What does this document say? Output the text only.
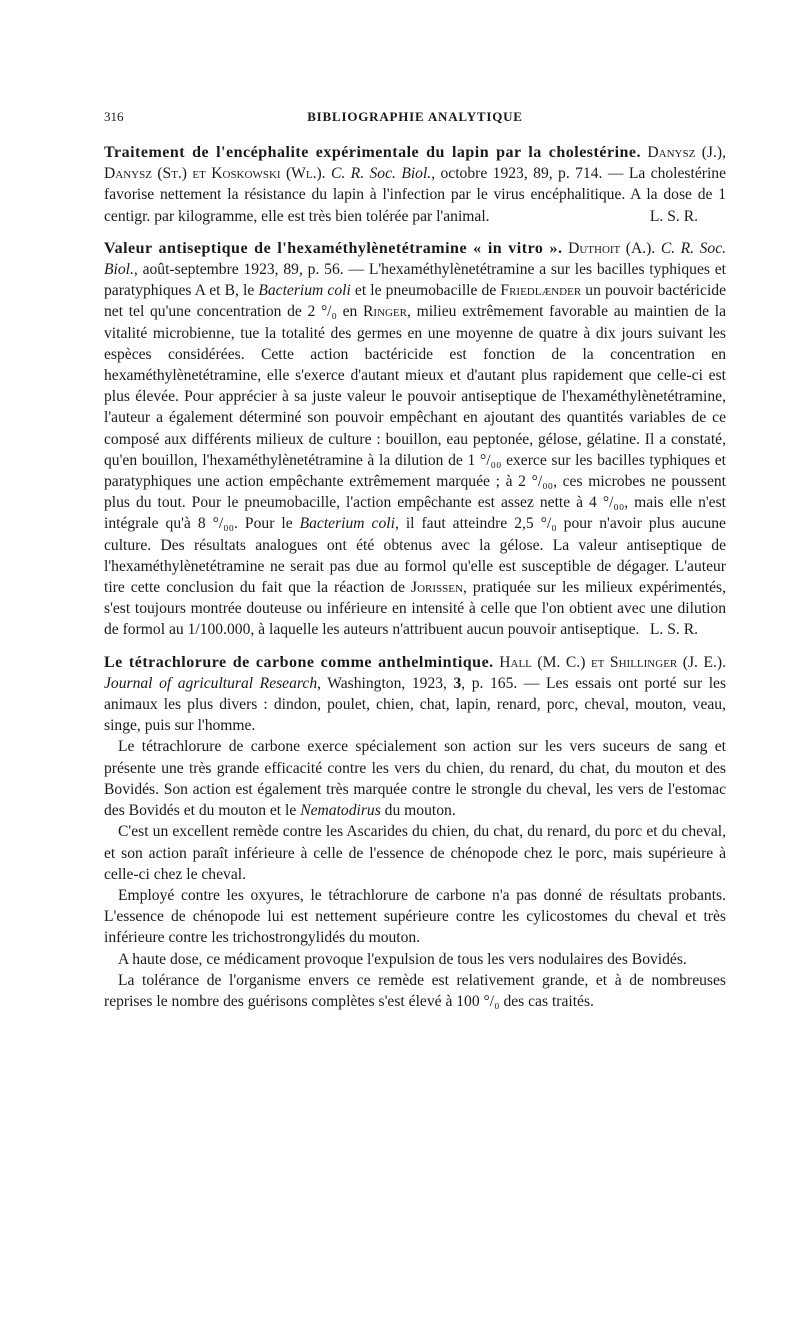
316	BIBLIOGRAPHIE ANALYTIQUE

Traitement de l'encéphalite expérimentale du lapin par la cholestérine. Danysz (J.), Danysz (St.) et Koskowski (Wl.). C. R. Soc. Biol., octobre 1923, 89, p. 714. — La cholestérine favorise nettement la résistance du lapin à l'infection par le virus encéphalitique. A la dose de 1 centigr. par kilogramme, elle est très bien tolérée par l'animal.	L. S. R.

Valeur antiseptique de l'hexaméthylènetétramine « in vitro ». Duthoit (A.). C. R. Soc. Biol., août-septembre 1923, 89, p. 56. — L'hexaméthylènetétramine a sur les bacilles typhiques et paratyphiques A et B, le Bacterium coli et le pneumobacille de Friedlænder un pouvoir bactéricide net tel qu'une concentration de 2 °/₀ en Ringer, milieu extrêmement favorable au maintien de la vitalité microbienne, tue la totalité des germes en une moyenne de quatre à dix jours suivant les espèces considérées. Cette action bactéricide est fonction de la concentration en hexaméthylènetétramine, elle s'exerce d'autant mieux et d'autant plus rapidement que celle-ci est plus élevée. Pour apprécier à sa juste valeur le pouvoir antiseptique de l'hexaméthylènetétramine, l'auteur a également déterminé son pouvoir empêchant en ajoutant des quantités variables de ce composé aux différents milieux de culture : bouillon, eau peptonée, gélose, gélatine. Il a constaté, qu'en bouillon, l'hexaméthylènetétramine à la dilution de 1 °/₀₀ exerce sur les bacilles typhiques et paratyphiques une action empêchante extrêmement marquée ; à 2 °/₀₀, ces microbes ne poussent plus du tout. Pour le pneumobacille, l'action empêchante est assez nette à 4 °/₀₀, mais elle n'est intégrale qu'à 8 °/₀₀. Pour le Bacterium coli, il faut atteindre 2,5 °/₀ pour n'avoir plus aucune culture. Des résultats analogues ont été obtenus avec la gélose. La valeur antiseptique de l'hexaméthylènetétramine ne serait pas due au formol qu'elle est susceptible de dégager. L'auteur tire cette conclusion du fait que la réaction de Jorissen, pratiquée sur les milieux expérimentés, s'est toujours montrée douteuse ou inférieure en intensité à celle que l'on obtient avec une dilution de formol au 1/100.000, à laquelle les auteurs n'attribuent aucun pouvoir antiseptique. L. S. R.

Le tétrachlorure de carbone comme anthelmintique. Hall (M. C.) et Shillinger (J. E.). Journal of agricultural Research, Washington, 1923, 3, p. 165. — Les essais ont porté sur les animaux les plus divers : dindon, poulet, chien, chat, lapin, renard, porc, cheval, mouton, veau, singe, puis sur l'homme.

Le tétrachlorure de carbone exerce spécialement son action sur les vers suceurs de sang et présente une très grande efficacité contre les vers du chien, du renard, du chat, du mouton et des Bovidés. Son action est également très marquée contre le strongle du cheval, les vers de l'estomac des Bovidés et du mouton et le Nematodirus du mouton.

C'est un excellent remède contre les Ascarides du chien, du chat, du renard, du porc et du cheval, et son action paraît inférieure à celle de l'essence de chénopode chez le porc, mais supérieure à celle-ci chez le cheval.

Employé contre les oxyures, le tétrachlorure de carbone n'a pas donné de résultats probants. L'essence de chénopode lui est nettement supérieure contre les cylicostomes du cheval et très inférieure contre les trichostrongylidés du mouton.

A haute dose, ce médicament provoque l'expulsion de tous les vers nodulaires des Bovidés.

La tolérance de l'organisme envers ce remède est relativement grande, et à de nombreuses reprises le nombre des guérisons complètes s'est élevé à 100 °/₀ des cas traités.
